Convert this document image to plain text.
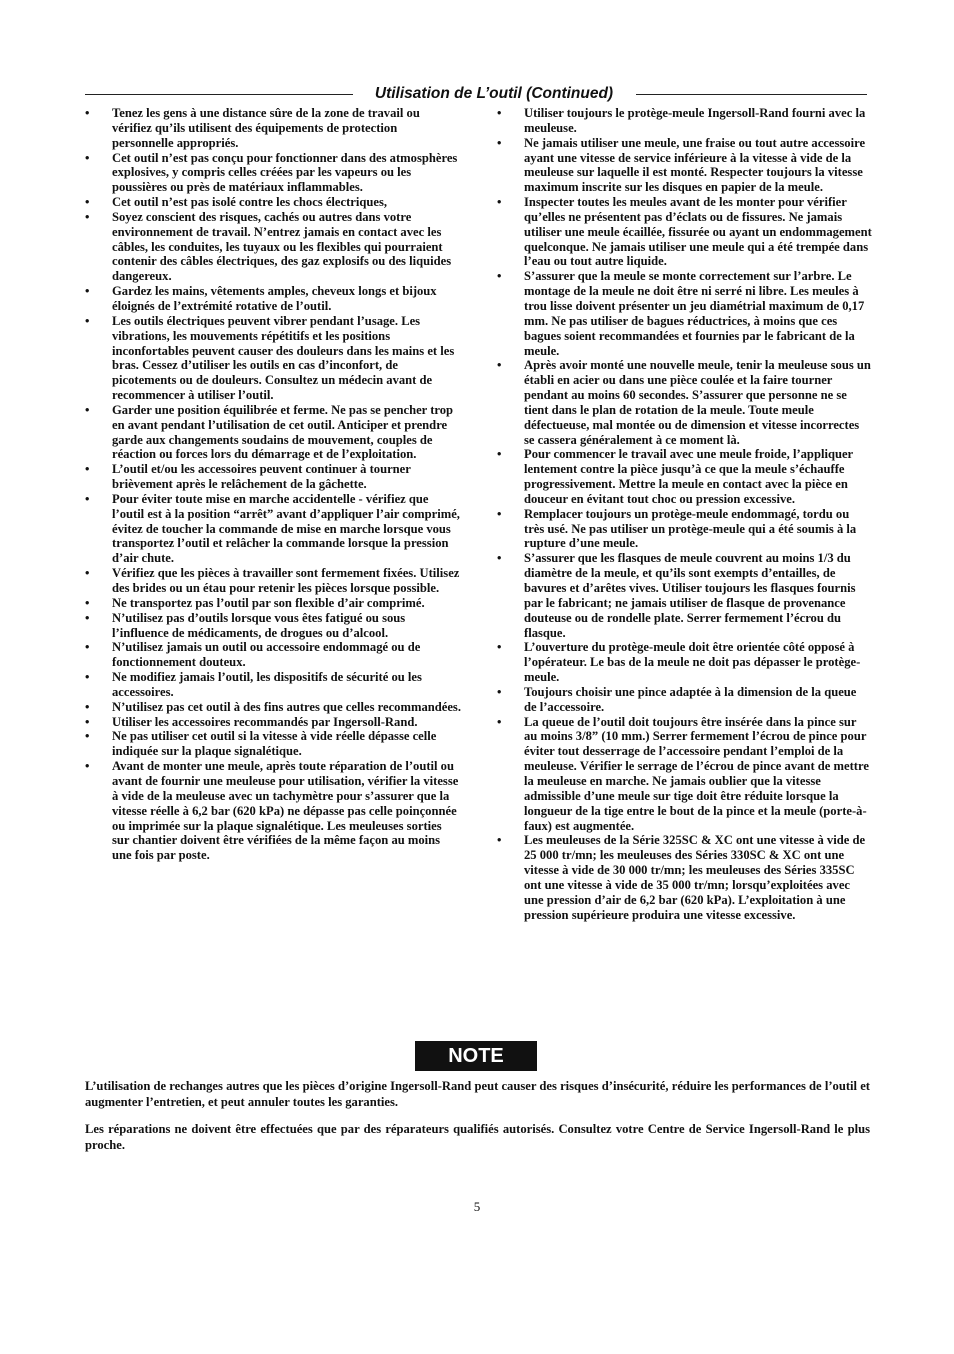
Utilisation de L’outil (Continued)
• Tenez les gens à une distance sûre de la zone de travail ou vérifiez qu’ils utilisent des équipements de protection personnelle appropriés.
• Cet outil n’est pas conçu pour fonctionner dans des atmosphères explosives, y compris celles créées par les vapeurs ou les poussières ou près de matériaux inflammables.
• Cet outil n’est pas isolé contre les chocs électriques,
• Soyez conscient des risques, cachés ou autres dans votre environnement de travail. N’entrez jamais en contact avec les câbles, les conduites, les tuyaux ou les flexibles qui pourraient contenir des câbles électriques, des gaz explosifs ou des liquides dangereux.
• Gardez les mains, vêtements amples, cheveux longs et bijoux éloignés de l’extrémité rotative de l’outil.
• Les outils électriques peuvent vibrer pendant l’usage. Les vibrations, les mouvements répétitifs et les positions inconfortables peuvent causer des douleurs dans les mains et les bras. Cessez d’utiliser les outils en cas d’inconfort, de picotements ou de douleurs. Consultez un médecin avant de recommencer à utiliser l’outil.
• Garder une position équilibrée et ferme. Ne pas se pencher trop en avant pendant l’utilisation de cet outil. Anticiper et prendre garde aux changements soudains de mouvement, couples de réaction ou forces lors du démarrage et de l’exploitation.
• L’outil et/ou les accessoires peuvent continuer à tourner brièvement après le relâchement de la gâchette.
• Pour éviter toute mise en marche accidentelle - vérifiez que l’outil est à la position “arrêt” avant d’appliquer l’air comprimé, évitez de toucher la commande de mise en marche lorsque vous transportez l’outil et relâcher la commande lorsque la pression d’air chute.
• Vérifiez que les pièces à travailler sont fermement fixées. Utilisez des brides ou un étau pour retenir les pièces lorsque possible.
• Ne transportez pas l’outil par son flexible d’air comprimé.
• N’utilisez pas d’outils lorsque vous êtes fatigué ou sous l’influence de médicaments, de drogues ou d’alcool.
• N’utilisez jamais un outil ou accessoire endommagé ou de fonctionnement douteux.
• Ne modifiez jamais l’outil, les dispositifs de sécurité ou les accessoires.
• N’utilisez pas cet outil à des fins autres que celles recommandées.
• Utiliser les accessoires recommandés par Ingersoll-Rand.
• Ne pas utiliser cet outil si la vitesse à vide réelle dépasse celle indiquée sur la plaque signalétique.
• Avant de monter une meule, après toute réparation de l’outil ou avant de fournir une meuleuse pour utilisation, vérifier la vitesse à vide de la meuleuse avec un tachymètre pour s’assurer que la vitesse réelle à 6,2 bar (620 kPa) ne dépasse pas celle poinçonnée ou imprimée sur la plaque signalétique. Les meuleuses sorties sur chantier doivent être vérifiées de la même façon au moins une fois par poste.
• Utiliser toujours le protège-meule Ingersoll-Rand fourni avec la meuleuse.
• Ne jamais utiliser une meule, une fraise ou tout autre accessoire ayant une vitesse de service inférieure à la vitesse à vide de la meuleuse sur laquelle il est monté. Respecter toujours la vitesse maximum inscrite sur les disques en papier de la meule.
• Inspecter toutes les meules avant de les monter pour vérifier qu’elles ne présentent pas d’éclats ou de fissures. Ne jamais utiliser une meule écaillée, fissurée ou ayant un endommagement quelconque. Ne jamais utiliser une meule qui a été trempée dans l’eau ou tout autre liquide.
• S’assurer que la meule se monte correctement sur l’arbre. Le montage de la meule ne doit être ni serré ni libre. Les meules à trou lisse doivent présenter un jeu diamétrial maximum de 0,17 mm. Ne pas utiliser de bagues réductrices, à moins que ces bagues soient recommandées et fournies par le fabricant de la meule.
• Après avoir monté une nouvelle meule, tenir la meuleuse sous un établi en acier ou dans une pièce coulée et la faire tourner pendant au moins 60 secondes. S’assurer que personne ne se tient dans le plan de rotation de la meule. Toute meule défectueuse, mal montée ou de dimension et vitesse incorrectes se cassera généralement à ce moment là.
• Pour commencer le travail avec une meule froide, l’appliquer lentement contre la pièce jusqu’à ce que la meule s’échauffe progressivement. Mettre la meule en contact avec la pièce en douceur en évitant tout choc ou pression excessive.
• Remplacer toujours un protège-meule endommagé, tordu ou très usé. Ne pas utiliser un protège-meule qui a été soumis à la rupture d’une meule.
• S’assurer que les flasques de meule couvrent au moins 1/3 du diamètre de la meule, et qu’ils sont exempts d’entailles, de bavures et d’arêtes vives. Utiliser toujours les flasques fournis par le fabricant; ne jamais utiliser de flasque de provenance douteuse ou de rondelle plate. Serrer fermement l’écrou du flasque.
• L’ouverture du protège-meule doit être orientée côté opposé à l’opérateur. Le bas de la meule ne doit pas dépasser le protège-meule.
• Toujours choisir une pince adaptée à la dimension de la queue de l’accessoire.
• La queue de l’outil doit toujours être insérée dans la pince sur au moins 3/8” (10 mm.) Serrer fermement l’écrou de pince pour éviter tout desserrage de l’accessoire pendant l’emploi de la meuleuse. Vérifier le serrage de l’écrou de pince avant de mettre la meuleuse en marche. Ne jamais oublier que la vitesse admissible d’une meule sur tige doit être réduite lorsque la longueur de la tige entre le bout de la pince et la meule (porte-à-faux) est augmentée.
• Les meuleuses de la Série 325SC & XC ont une vitesse à vide de 25 000 tr/mn; les meuleuses des Séries 330SC & XC ont une vitesse à vide de 30 000 tr/mn; les meuleuses des Séries 335SC ont une vitesse à vide de 35 000 tr/mn; lorsqu’exploitées avec une pression d’air de 6,2 bar (620 kPa). L’exploitation à une pression supérieure produira une vitesse excessive.
NOTE

L’utilisation de rechanges autres que les pièces d’origine Ingersoll-Rand peut causer des risques d’insécurité, réduire les performances de l’outil et augmenter l’entretien, et peut annuler toutes les garanties.

Les réparations ne doivent être effectuées que par des réparateurs qualifiés autorisés. Consultez votre Centre de Service Ingersoll-Rand le plus proche.

5
